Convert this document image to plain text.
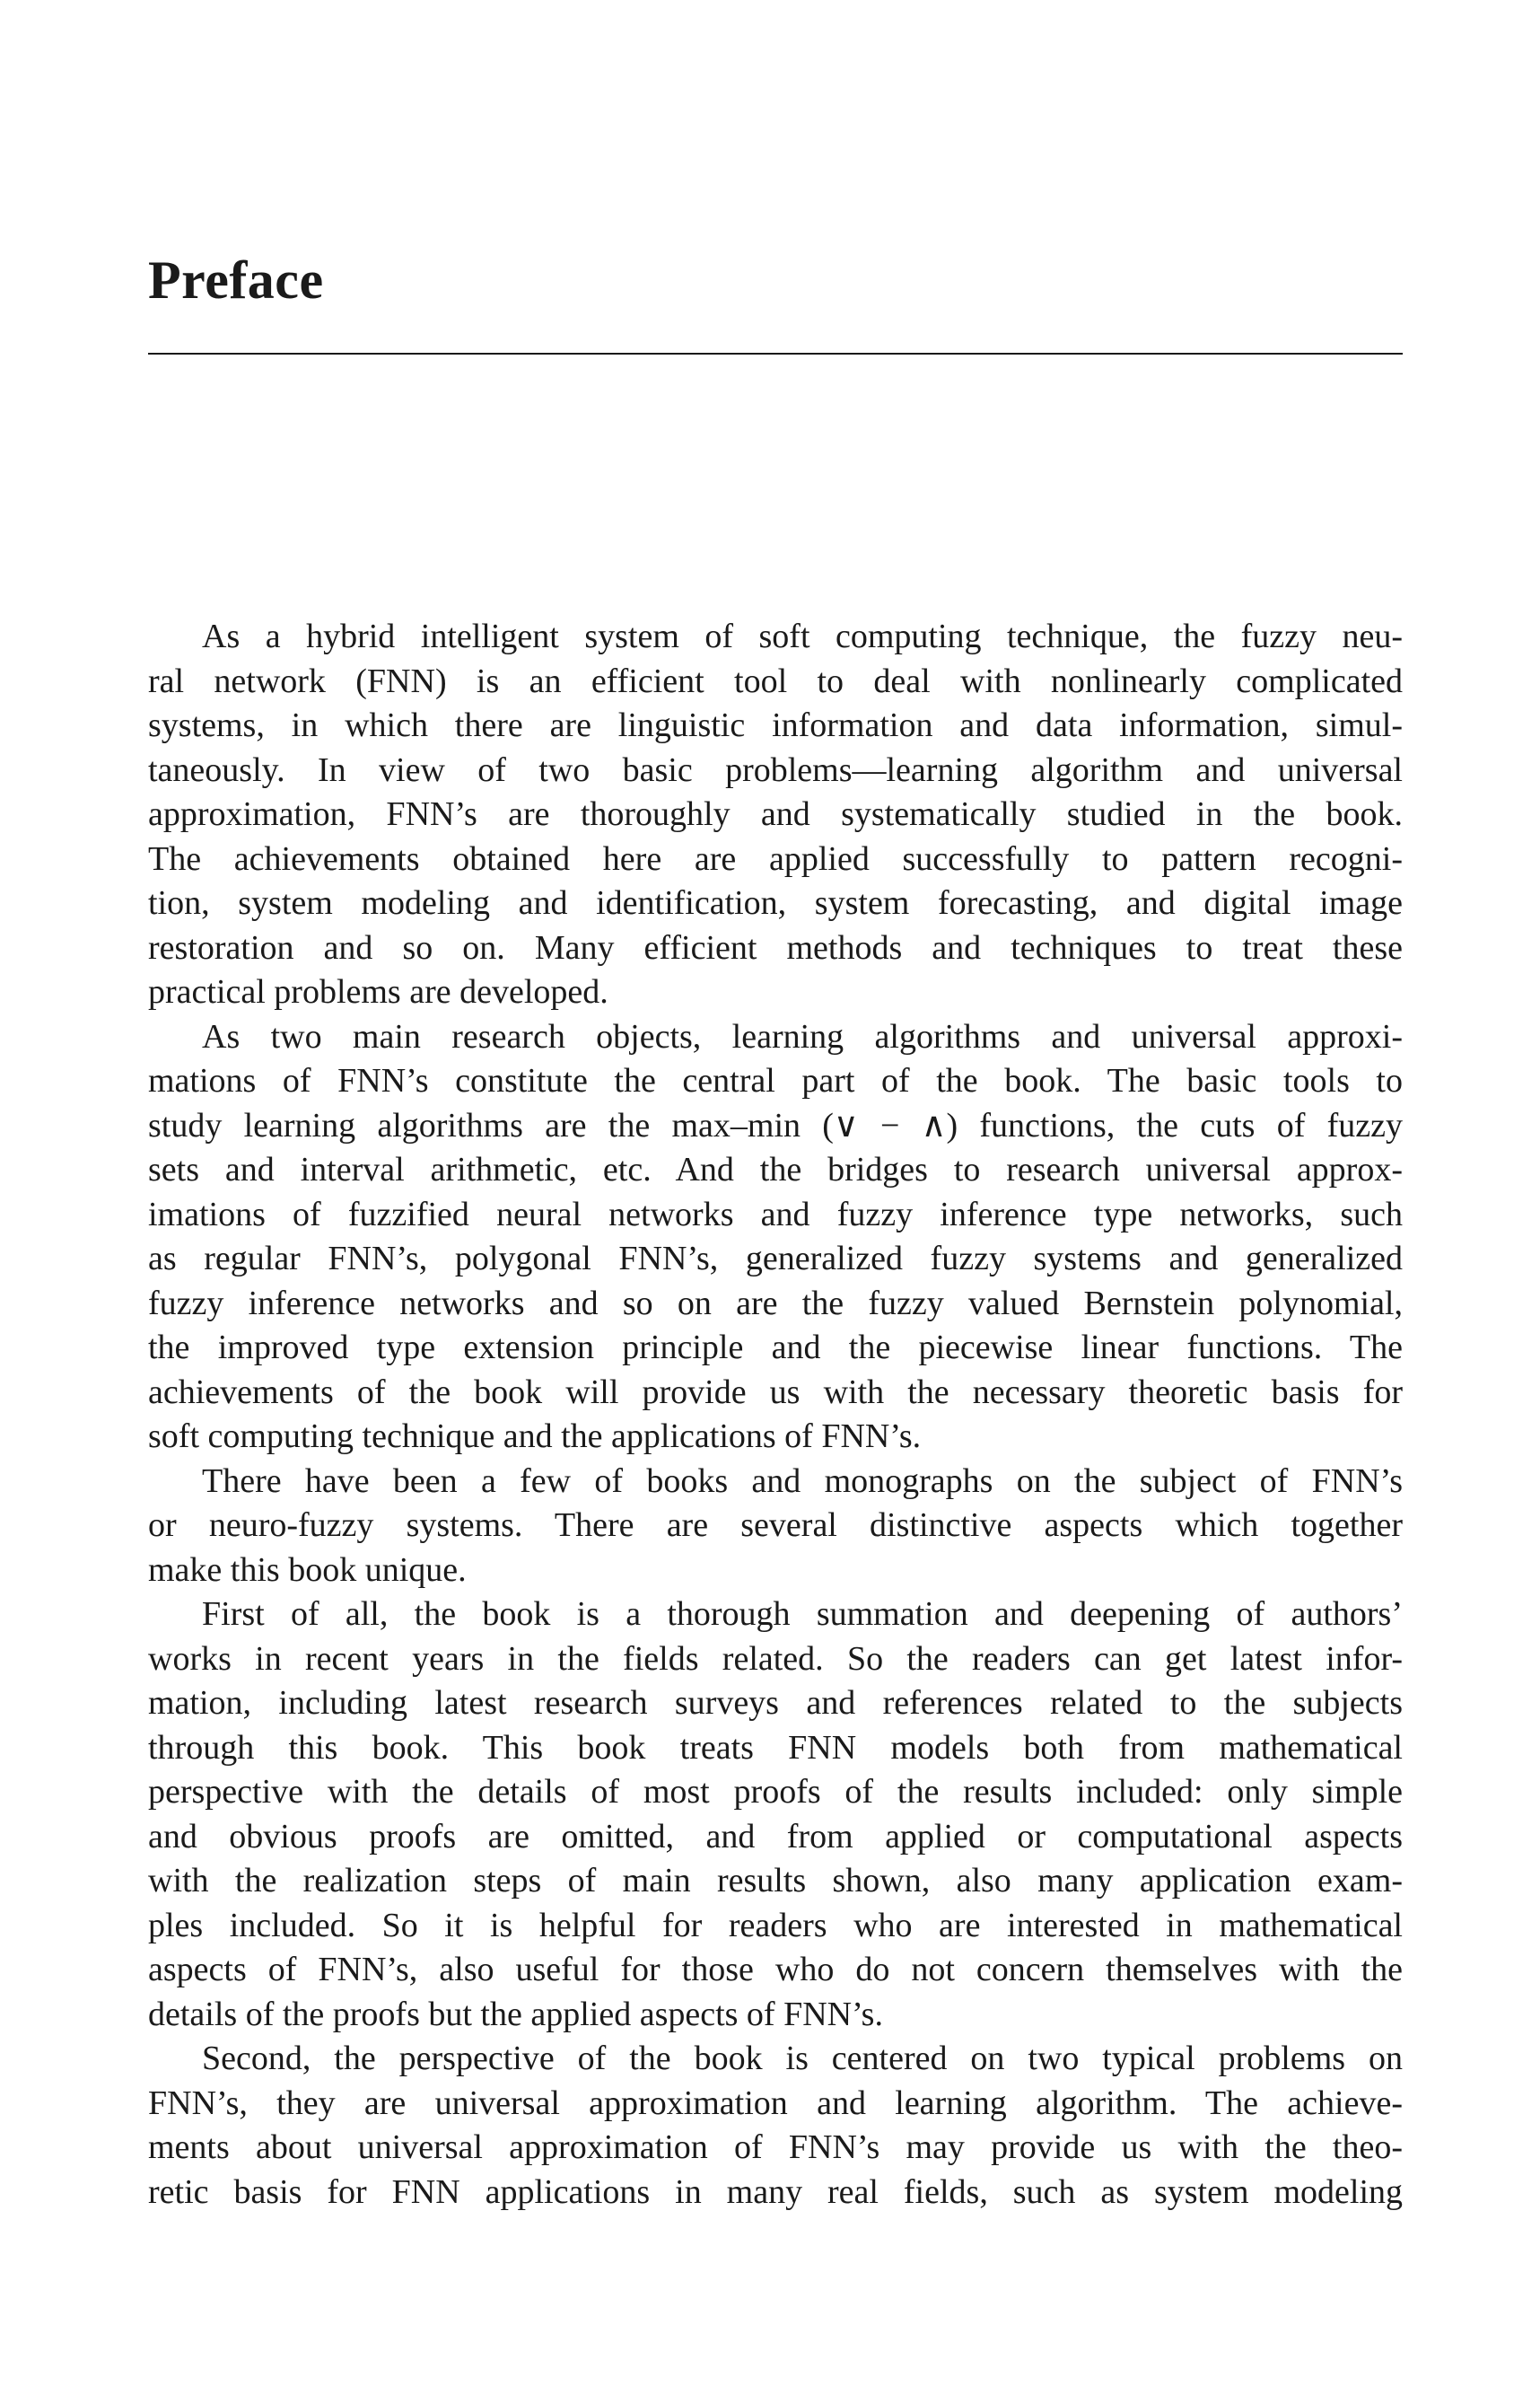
Preface

As a hybrid intelligent system of soft computing technique, the fuzzy neu-
ral network (FNN) is an efficient tool to deal with nonlinearly complicated
systems, in which there are linguistic information and data information, simul-
taneously. In view of two basic problems—learning algorithm and universal
approximation, FNN’s are thoroughly and systematically studied in the book.
The achievements obtained here are applied successfully to pattern recogni-
tion, system modeling and identification, system forecasting, and digital image
restoration and so on. Many efficient methods and techniques to treat these
practical problems are developed.

As two main research objects, learning algorithms and universal approxi-
mations of FNN’s constitute the central part of the book. The basic tools to
study learning algorithms are the max–min (∨ − ∧) functions, the cuts of fuzzy
sets and interval arithmetic, etc. And the bridges to research universal approx-
imations of fuzzified neural networks and fuzzy inference type networks, such
as regular FNN’s, polygonal FNN’s, generalized fuzzy systems and generalized
fuzzy inference networks and so on are the fuzzy valued Bernstein polynomial,
the improved type extension principle and the piecewise linear functions. The
achievements of the book will provide us with the necessary theoretic basis for
soft computing technique and the applications of FNN’s.

There have been a few of books and monographs on the subject of FNN’s
or neuro-fuzzy systems. There are several distinctive aspects which together
make this book unique.

First of all, the book is a thorough summation and deepening of authors’
works in recent years in the fields related. So the readers can get latest infor-
mation, including latest research surveys and references related to the subjects
through this book. This book treats FNN models both from mathematical
perspective with the details of most proofs of the results included: only simple
and obvious proofs are omitted, and from applied or computational aspects
with the realization steps of main results shown, also many application exam-
ples included. So it is helpful for readers who are interested in mathematical
aspects of FNN’s, also useful for those who do not concern themselves with the
details of the proofs but the applied aspects of FNN’s.

Second, the perspective of the book is centered on two typical problems on
FNN’s, they are universal approximation and learning algorithm. The achieve-
ments about universal approximation of FNN’s may provide us with the theo-
retic basis for FNN applications in many real fields, such as system modeling
